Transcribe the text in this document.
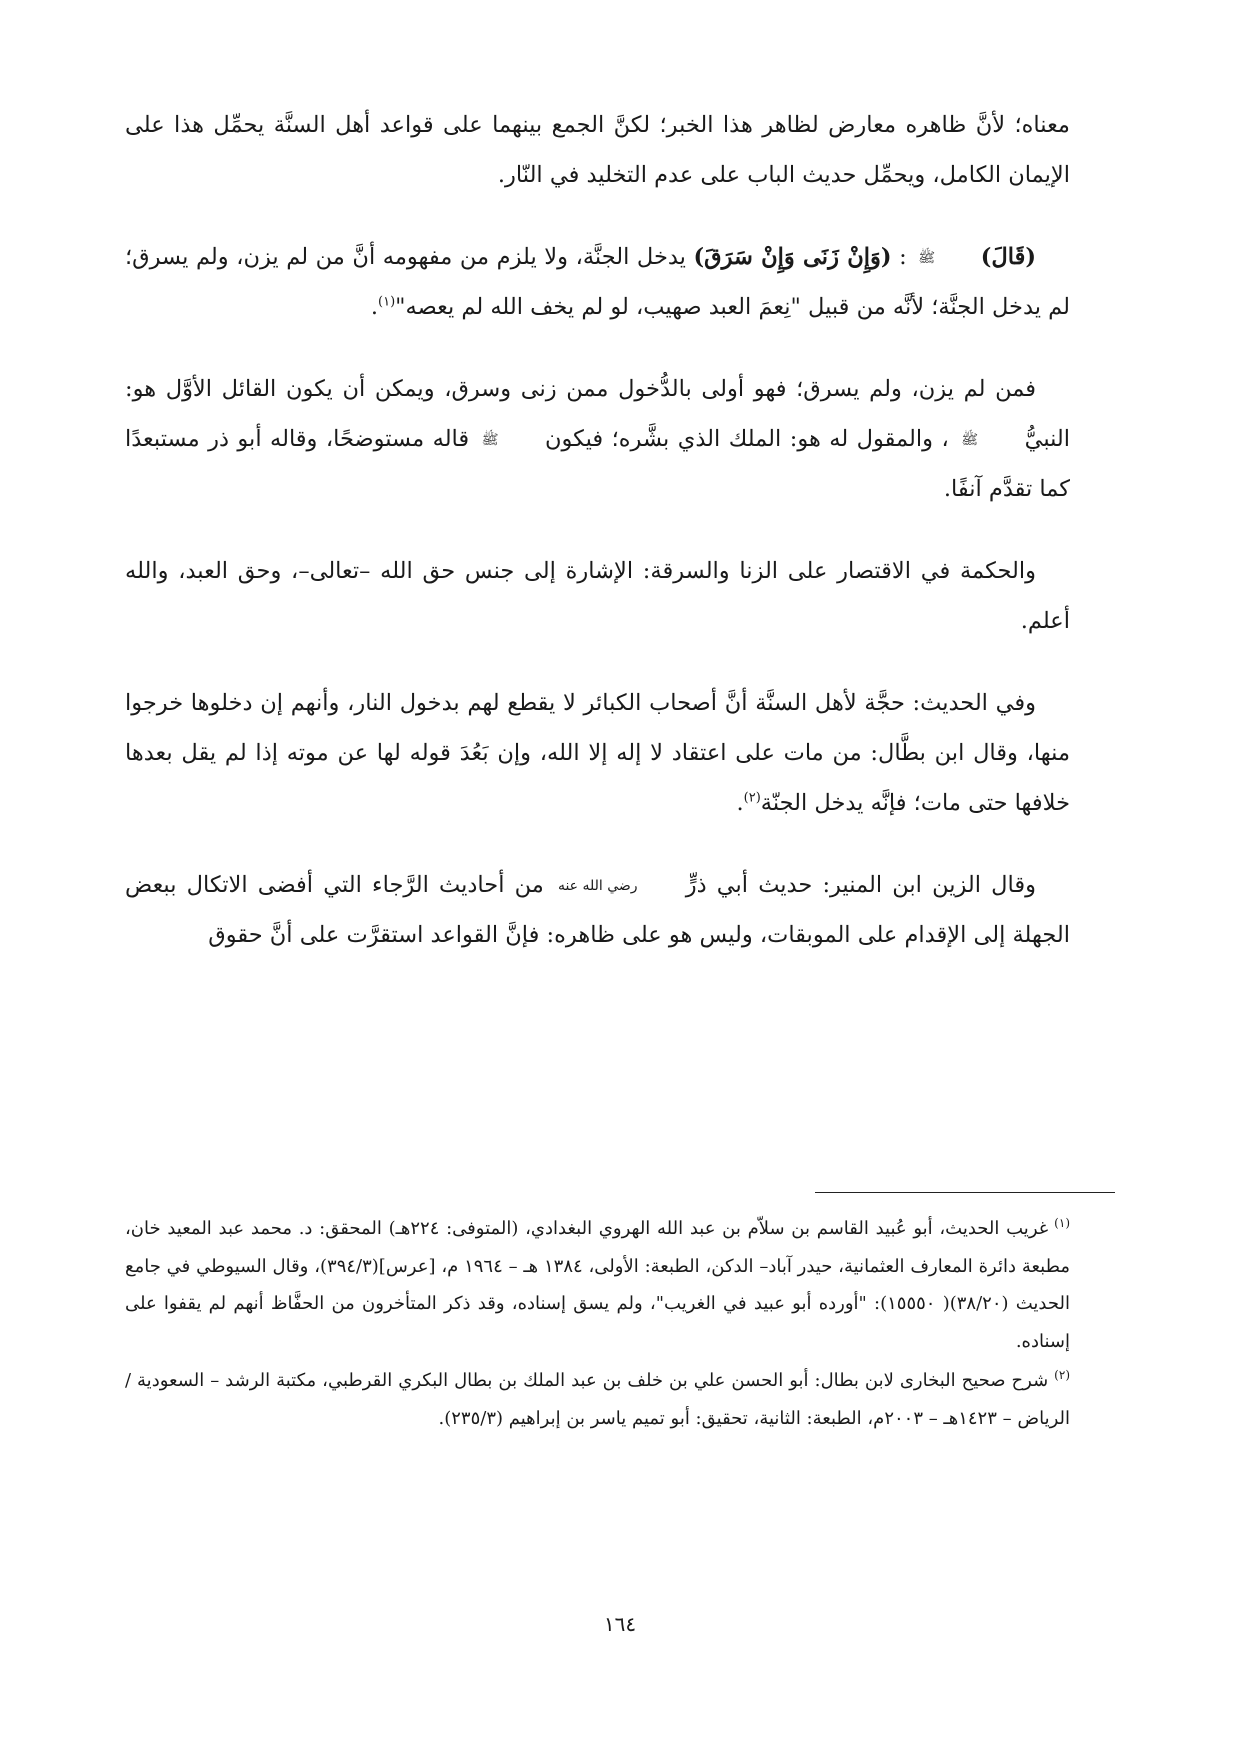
معناه؛ لأنَّ ظاهره معارض لظاهر هذا الخبر؛ لكنَّ الجمع بينهما على قواعد أهل السنَّة يحمِّل هذا على الإيمان الكامل، ويحمِّل حديث الباب على عدم التخليد في النّار.

(قَالَ) ﷺ : (وَإِنْ زَنَى وَإِنْ سَرَقَ) يدخل الجنَّة، ولا يلزم من مفهومه أنَّ من لم يزن، ولم يسرق؛ لم يدخل الجنَّة؛ لأنَّه من قبيل "نِعمَ العبد صهيب، لو لم يخف الله لم يعصه"$^{(١)}$.

فمن لم يزن، ولم يسرق؛ فهو أولى بالدُّخول ممن زنى وسرق، ويمكن أن يكون القائل الأوَّل هو: النبيُّ ﷺ ، والمقول له هو: الملك الذي بشَّره؛ فيكون ﷺ قاله مستوضحًا، وقاله أبو ذر مستبعدًا كما تقدَّم آنفًا.

والحكمة في الاقتصار على الزنا والسرقة: الإشارة إلى جنس حق الله –تعالى–، وحق العبد، والله أعلم.

وفي الحديث: حجَّة لأهل السنَّة أنَّ أصحاب الكبائر لا يقطع لهم بدخول النار، وأنهم إن دخلوها خرجوا منها، وقال ابن بطَّال: من مات على اعتقاد لا إله إلا الله، وإن بَعُدَ قوله لها عن موته إذا لم يقل بعدها خلافها حتى مات؛ فإنَّه يدخل الجنّة$^{(٢)}$.

وقال الزين ابن المنير: حديث أبي ذرٍّ رضي الله عنه من أحاديث الرَّجاء التي أفضى الاتكال ببعض الجهلة إلى الإقدام على الموبقات، وليس هو على ظاهره: فإنَّ القواعد استقرَّت على أنَّ حقوق

$^{(١)}$غريب الحديث، أبو عُبيد القاسم بن سلاّم بن عبد الله الهروي البغدادي، (المتوفى: ٢٢٤هـ) المحقق: د. محمد عبد المعيد خان، مطبعة دائرة المعارف العثمانية، حيدر آباد– الدكن، الطبعة: الأولى، ١٣٨٤ هـ – ١٩٦٤ م، [عرس](٣٩٤/٣)، وقال السيوطي في جامع الحديث (٣٨/٢٠)( ١٥٥٥٠): "أورده أبو عبيد في الغريب"، ولم يسق إسناده، وقد ذكر المتأخرون من الحفَّاظ أنهم لم يقفوا على إسناده.

$^{(٢)}$شرح صحيح البخارى لابن بطال: أبو الحسن علي بن خلف بن عبد الملك بن بطال البكري القرطبي، مكتبة الرشد – السعودية / الرياض – ١٤٢٣هـ – ٢٠٠٣م، الطبعة: الثانية، تحقيق: أبو تميم ياسر بن إبراهيم (٢٣٥/٣).

١٦٤
